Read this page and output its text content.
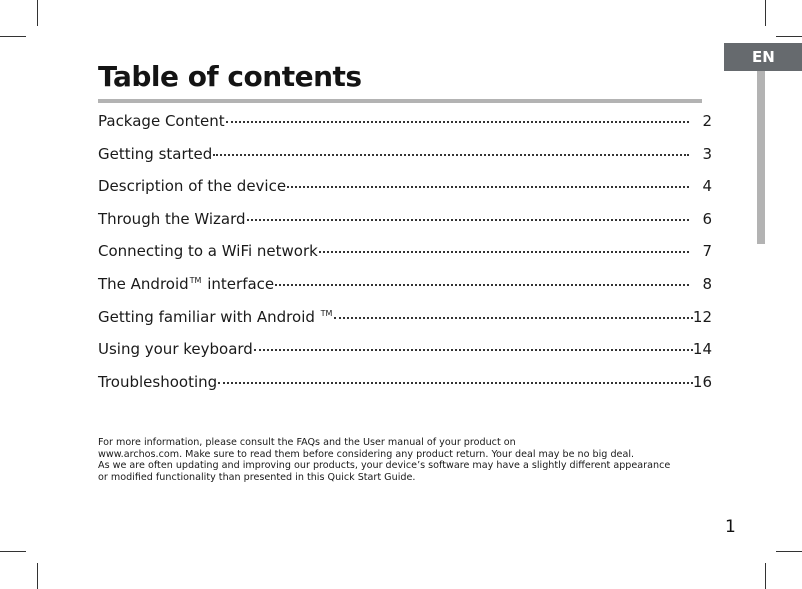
EN
Table of contents
Package Content	2
Getting started	3
Description of the device	4
Through the Wizard	6
Connecting to a WiFi network	7
The Android™ interface	8
Getting familiar with Android ™	12
Using your keyboard	14
Troubleshooting	16
For more information, please consult the FAQs and the User manual of your product on
www.archos.com. Make sure to read them before considering any product return. Your deal may be no big deal.
As we are often updating and improving our products, your device’s software may have a slightly different appearance
or modified functionality than presented in this Quick Start Guide.
1
